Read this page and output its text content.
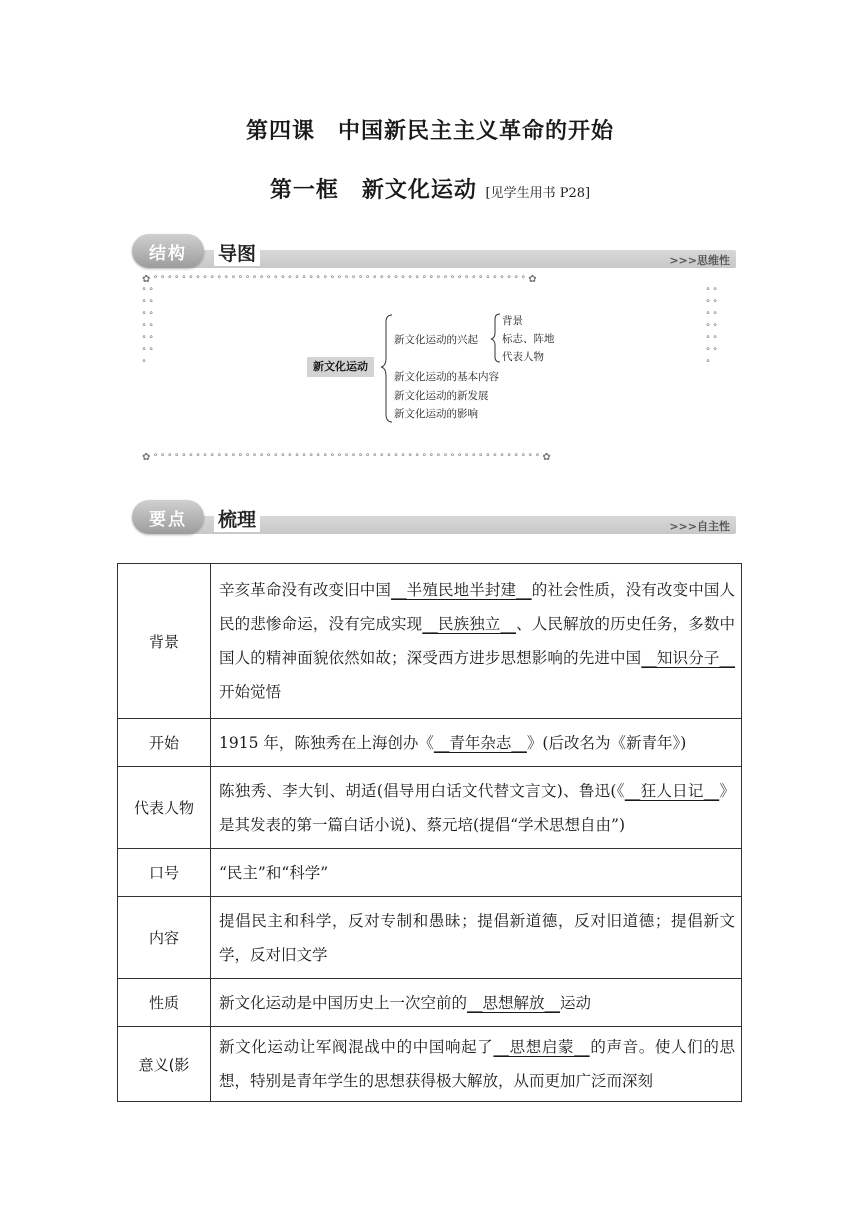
第四课　中国新民主主义革命的开始
第一框　新文化运动 [见学生用书 P28]
结构	导图	>>>思维性
✿ ᐤ ᐤ ᐤ ᐤ ᐤ ᐤ ᐤ ᐤ ᐤ ᐤ ᐤ ᐤ ᐤ ᐤ ᐤ ᐤ ᐤ ᐤ ᐤ ᐤ ᐤ ᐤ ᐤ ᐤ ᐤ ᐤ ᐤ ᐤ ᐤ ᐤ ᐤ ᐤ ᐤ ᐤ ᐤ ᐤ ᐤ ᐤ ᐤ ᐤ ᐤ ᐤ ᐤ ᐤ ᐤ ᐤ ᐤ ᐤ ᐤ ᐤ ᐤ ᐤ ᐤ ✿
ᐤ ᐤ ᐤ ᐤ ᐤ ᐤ ᐤ ᐤ ᐤ ᐤ ᐤ ᐤ ᐤ
ᐤ ᐤ ᐤ ᐤ ᐤ ᐤ ᐤ ᐤ ᐤ ᐤ ᐤ ᐤ ᐤ
✿ ᐤ ᐤ ᐤ ᐤ ᐤ ᐤ ᐤ ᐤ ᐤ ᐤ ᐤ ᐤ ᐤ ᐤ ᐤ ᐤ ᐤ ᐤ ᐤ ᐤ ᐤ ᐤ ᐤ ᐤ ᐤ ᐤ ᐤ ᐤ ᐤ ᐤ ᐤ ᐤ ᐤ ᐤ ᐤ ᐤ ᐤ ᐤ ᐤ ᐤ ᐤ ᐤ ᐤ ᐤ ᐤ ᐤ ᐤ ᐤ ᐤ ᐤ ᐤ ᐤ ᐤ ᐤ ᐤ ✿
新文化运动
新文化运动的兴起
背景
标志、阵地
代表人物
新文化运动的基本内容
新文化运动的新发展
新文化运动的影响
要点	梳理	>>>自主性
背景	辛亥革命没有改变旧中国__半殖民地半封建__的社会性质，没有改变中国人民的悲惨命运，没有完成实现__民族独立__、人民解放的历史任务，多数中国人的精神面貌依然如故；深受西方进步思想影响的先进中国__知识分子__开始觉悟
开始	1915 年，陈独秀在上海创办《__青年杂志__》(后改名为《新青年》)
代表人物	陈独秀、李大钊、胡适(倡导用白话文代替文言文)、鲁迅(《__狂人日记__》是其发表的第一篇白话小说)、蔡元培(提倡“学术思想自由”)
口号	“民主”和“科学”
内容	提倡民主和科学，反对专制和愚昧；提倡新道德，反对旧道德；提倡新文学，反对旧文学
性质	新文化运动是中国历史上一次空前的__思想解放__运动
意义(影	新文化运动让军阀混战中的中国响起了__思想启蒙__的声音。使人们的思想，特别是青年学生的思想获得极大解放，从而更加广泛而深刻
